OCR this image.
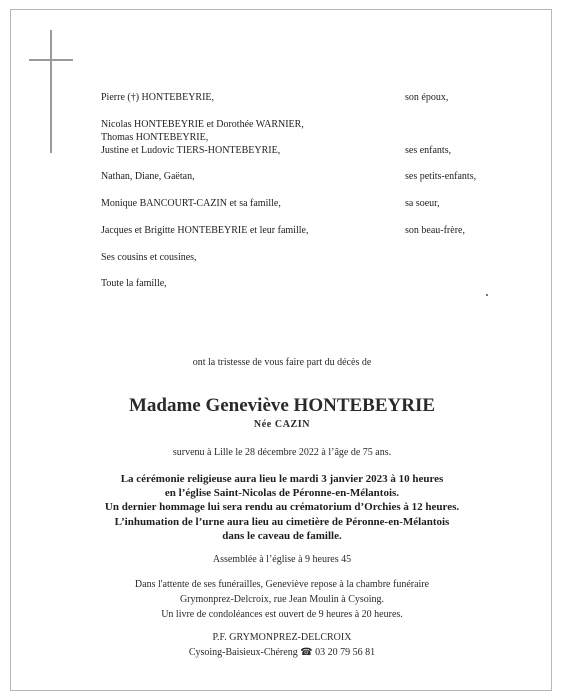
Pierre (†) HONTEBEYRIE,	son époux,
Nicolas HONTEBEYRIE et Dorothée WARNIER,
Thomas HONTEBEYRIE,
Justine et Ludovic TIERS-HONTEBEYRIE,	ses enfants,
Nathan, Diane, Gaëtan,	ses petits-enfants,
Monique BANCOURT-CAZIN et sa famille,	sa soeur,
Jacques et Brigitte HONTEBEYRIE et leur famille,	son beau-frère,
Ses cousins et cousines,
Toute la famille,
ont la tristesse de vous faire part du décès de
Madame Geneviève HONTEBEYRIE
Née CAZIN
survenu à Lille le 28 décembre 2022 à l’âge de 75 ans.
La cérémonie religieuse aura lieu le mardi 3 janvier 2023 à 10 heures
en l’église Saint-Nicolas de Péronne-en-Mélantois.
Un dernier hommage lui sera rendu au crématorium d’Orchies à 12 heures.
L’inhumation de l’urne aura lieu au cimetière de Péronne-en-Mélantois
dans le caveau de famille.
Assemblée à l’église à 9 heures 45
Dans l'attente de ses funérailles, Geneviève repose à la chambre funéraire
Grymonprez-Delcroix, rue Jean Moulin à Cysoing.
Un livre de condoléances est ouvert de 9 heures à 20 heures.
P.F. GRYMONPREZ-DELCROIX
Cysoing-Baisieux-Chéreng ☎ 03 20 79 56 81
